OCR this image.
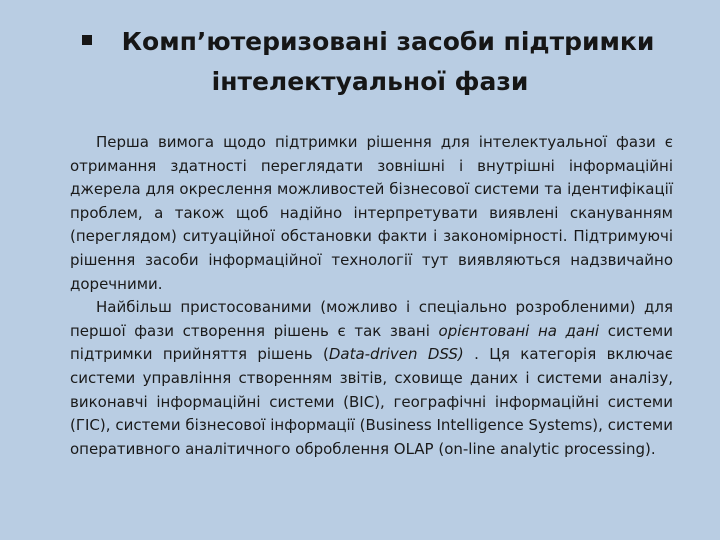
Комп’ютеризовані засоби підтримки
інтелектуальної фази

Перша вимога щодо підтримки рішення для інтелектуальної фази є отримання здатності переглядати зовнішні і внутрішні інформаційні джерела для окреслення можливостей бізнесової системи та ідентифікації проблем, а також щоб надійно інтерпретувати виявлені скануванням (переглядом) ситуаційної обстановки факти і закономірності. Підтримуючі рішення засоби інформаційної технології тут виявляються надзвичайно доречними.

Найбільш пристосованими (можливо і спеціально розробленими) для першої фази створення рішень є так звані орієнтовані на дані системи підтримки прийняття рішень (Data-driven DSS) . Ця категорія включає системи управління створенням звітів, сховище даних і системи аналізу, виконавчі інформаційні системи (ВІС), географічні інформаційні системи (ГІС), системи бізнесової інформації (Business Intelligence Systems), системи оперативного аналітичного оброблення OLAP (on-line analytic processing).
